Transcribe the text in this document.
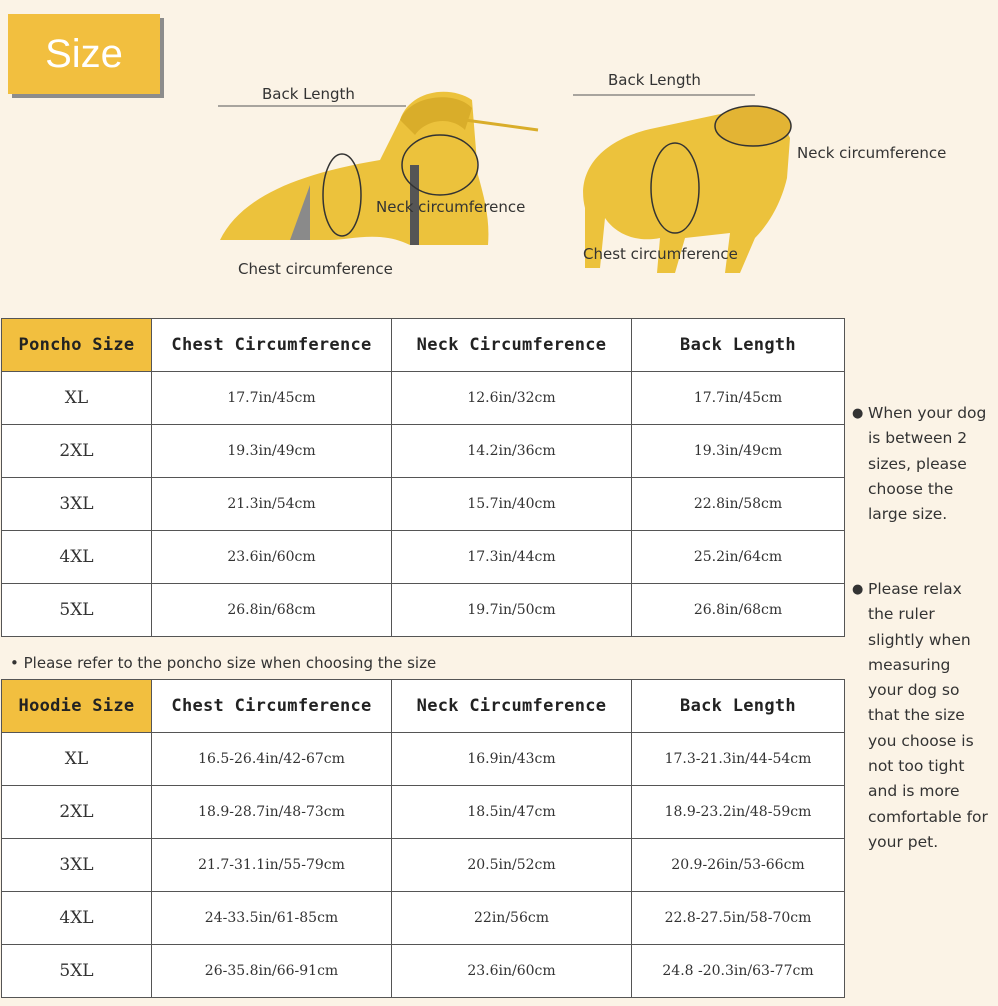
Size
Back Length
Neck circumference
Chest circumference
Back Length
Neck circumference
Chest circumference
Poncho Size	Chest Circumference	Neck Circumference	Back Length
XL	17.7in/45cm	12.6in/32cm	17.7in/45cm
2XL	19.3in/49cm	14.2in/36cm	19.3in/49cm
3XL	21.3in/54cm	15.7in/40cm	22.8in/58cm
4XL	23.6in/60cm	17.3in/44cm	25.2in/64cm
5XL	26.8in/68cm	19.7in/50cm	26.8in/68cm
• Please refer to the poncho size when choosing the size
Hoodie Size	Chest Circumference	Neck Circumference	Back Length
XL	16.5-26.4in/42-67cm	16.9in/43cm	17.3-21.3in/44-54cm
2XL	18.9-28.7in/48-73cm	18.5in/47cm	18.9-23.2in/48-59cm
3XL	21.7-31.1in/55-79cm	20.5in/52cm	20.9-26in/53-66cm
4XL	24-33.5in/61-85cm	22in/56cm	22.8-27.5in/58-70cm
5XL	26-35.8in/66-91cm	23.6in/60cm	24.8 -20.3in/63-77cm
● When your dog
is between 2
sizes, please
choose the
large size.
● Please relax
the ruler
slightly when
measuring
your dog so
that the size
you choose is
not too tight
and is more
comfortable for
your pet.
